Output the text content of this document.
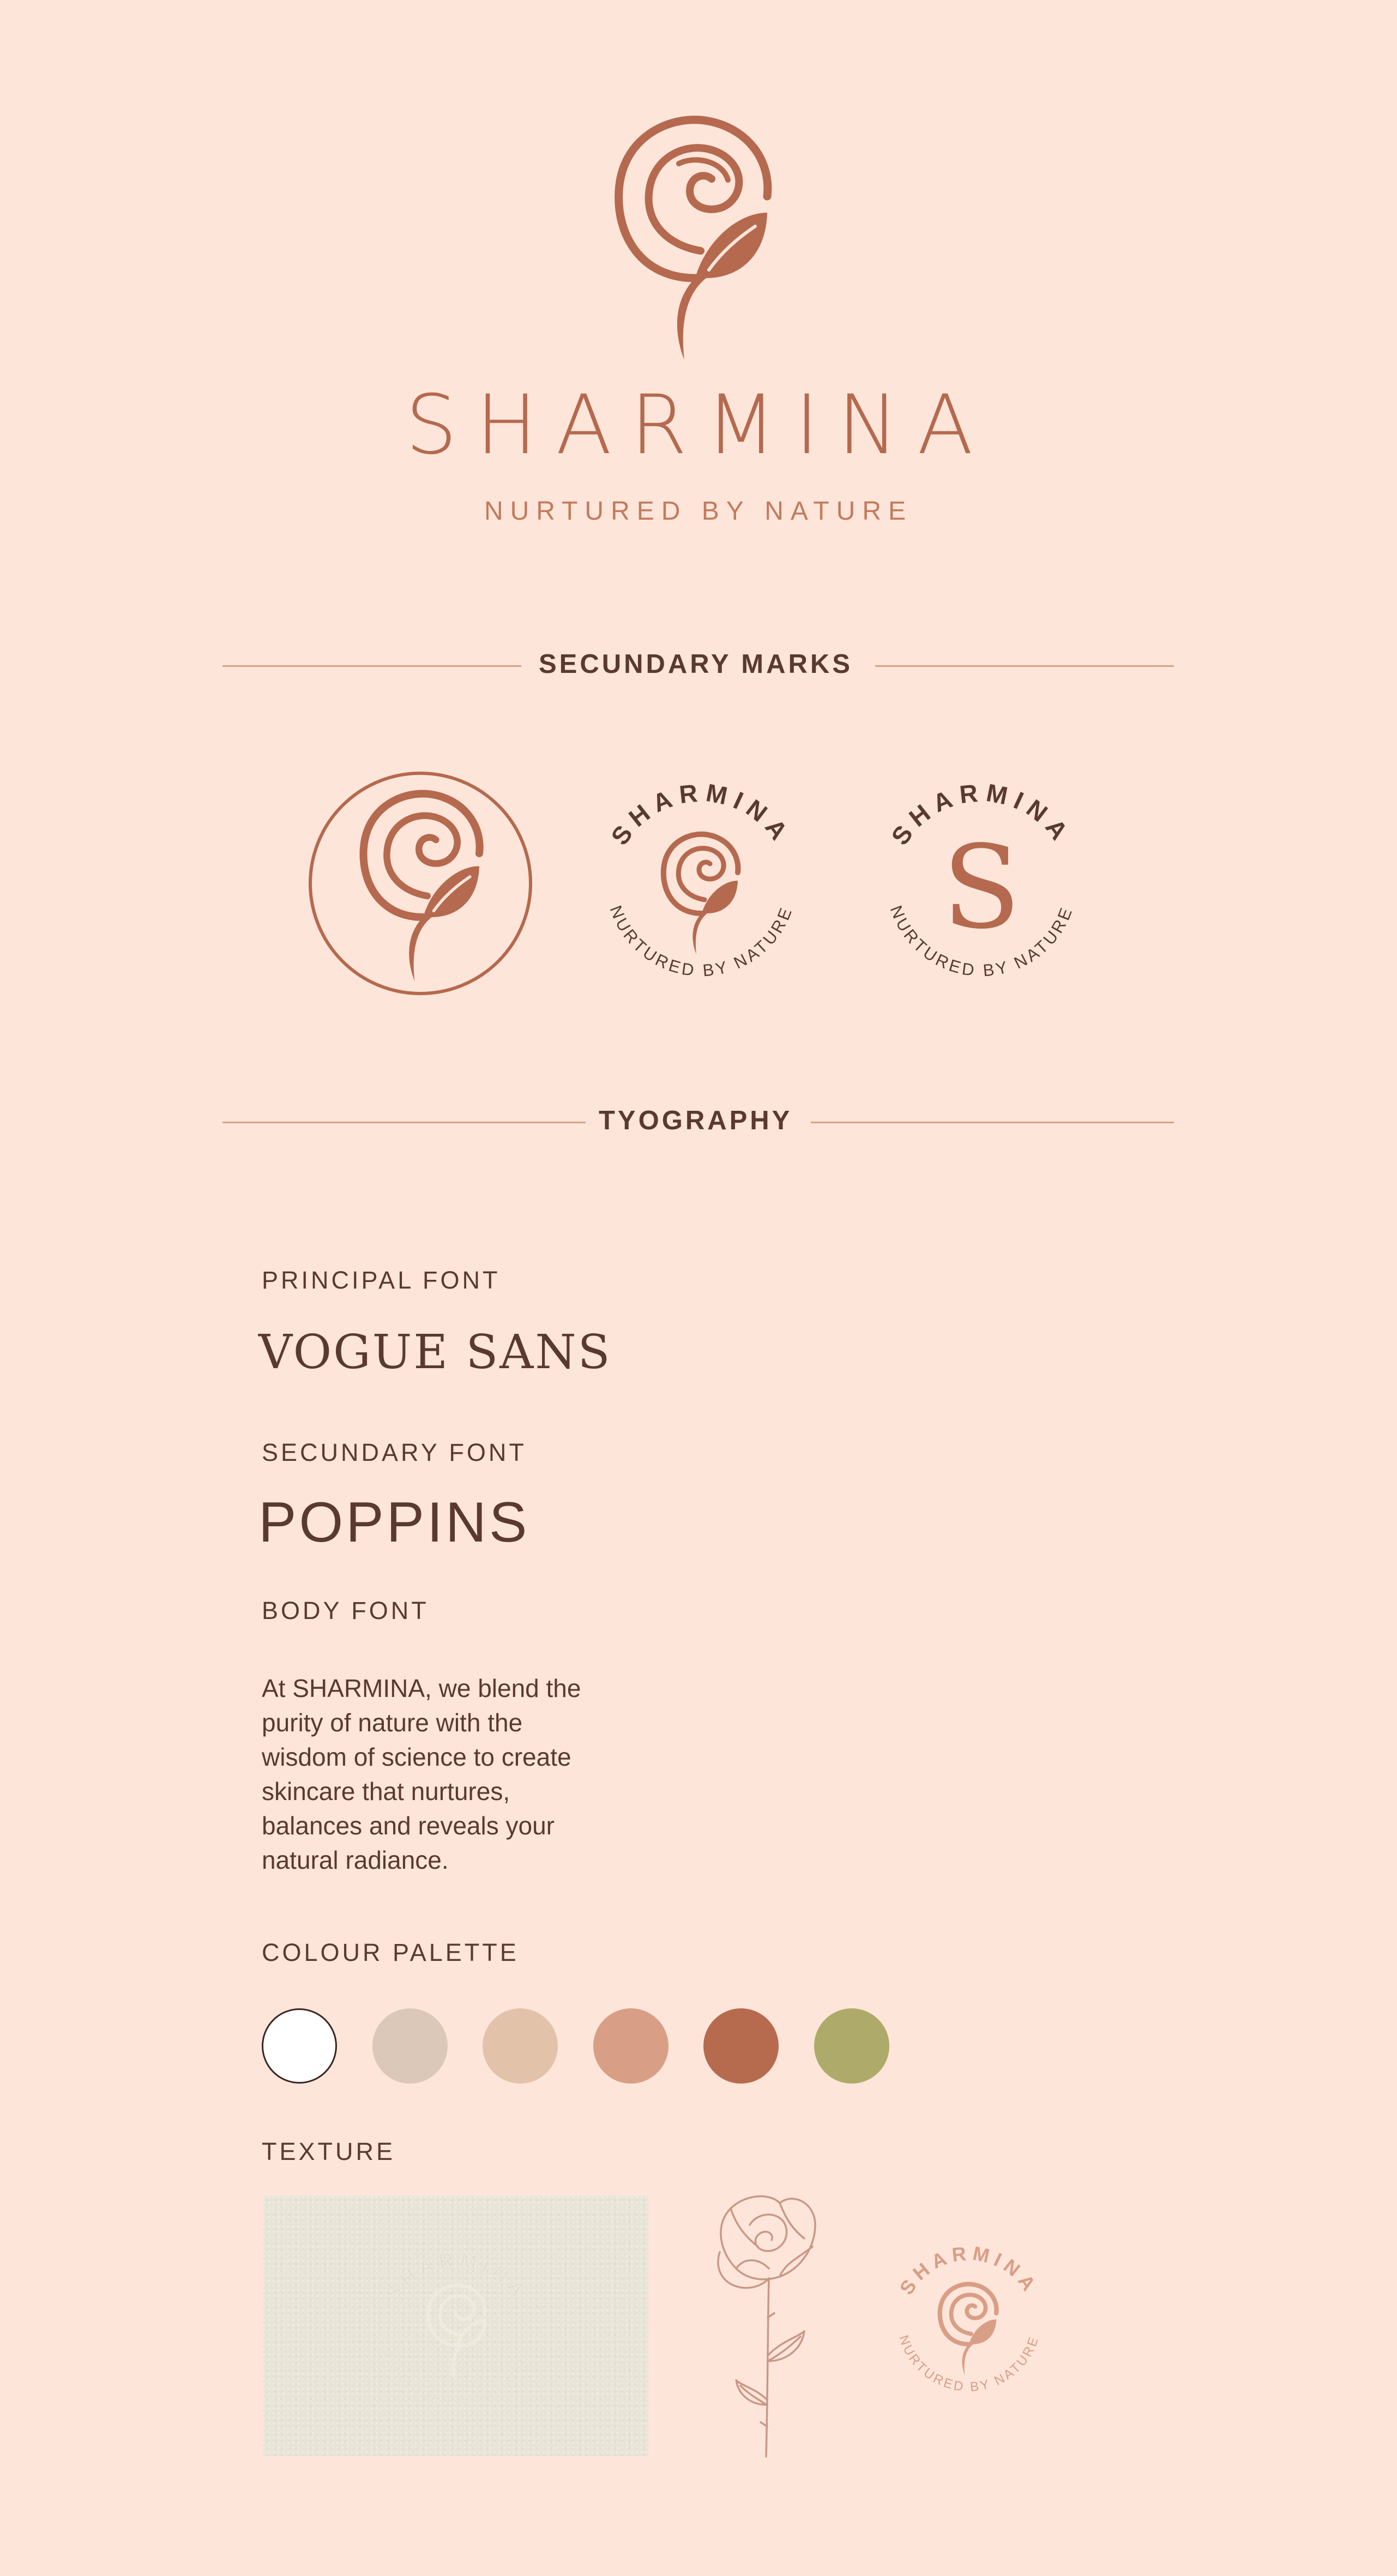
SHARMINA
NURTURED BY NATURE
SECUNDARY MARKS
SHARMINA
NURTURED BY NATURE
SHARMINA
NURTURED BY NATURE
S
TYOGRAPHY
PRINCIPAL FONT
VOGUE SANS
SECUNDARY FONT
POPPINS
BODY FONT
At SHARMINA, we blend the
purity of nature with the
wisdom of science to create
skincare that nurtures,
balances and reveals your
natural radiance.
COLOUR PALETTE
TEXTURE
SHARMINA
NURTURED BY NATURE
SHARMINA
NURTURED BY NATURE
